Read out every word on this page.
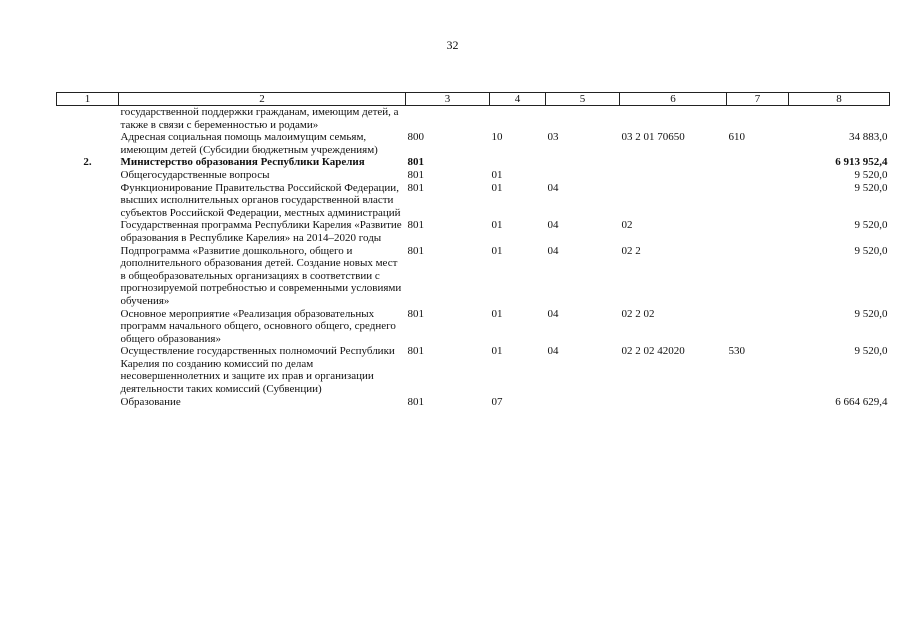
32
1	2	3	4	5	6	7	8
	государственной поддержки гражданам, имеющим детей, а также в связи с беременностью и родами»						
	Адресная социальная помощь малоимущим семьям, имеющим детей (Субсидии бюджетным учреждениям)	800	10	03	03 2 01 70650	610	34 883,0
2.	Министерство образования Республики Карелия	801					6 913 952,4
	Общегосударственные вопросы	801	01				9 520,0
	Функционирование Правительства Российской Федерации, высших исполнительных органов государственной власти субъектов Российской Федерации, местных администраций	801	01	04			9 520,0
	Государственная программа Республики Карелия «Развитие образования в Республике Карелия» на 2014–2020 годы	801	01	04	02		9 520,0
	Подпрограмма «Развитие дошкольного, общего и дополнительного образования детей. Создание новых мест в общеобразовательных организациях в соответствии с прогнозируемой потребностью и современными условиями обучения»	801	01	04	02 2		9 520,0
	Основное мероприятие «Реализация образовательных программ начального общего, основного общего, среднего общего образования»	801	01	04	02 2 02		9 520,0
	Осуществление государственных полномочий Республики Карелия по созданию комиссий по делам несовершеннолетних и защите их прав и организации деятельности таких комиссий (Субвенции)	801	01	04	02 2 02 42020	530	9 520,0
	Образование	801	07				6 664 629,4
